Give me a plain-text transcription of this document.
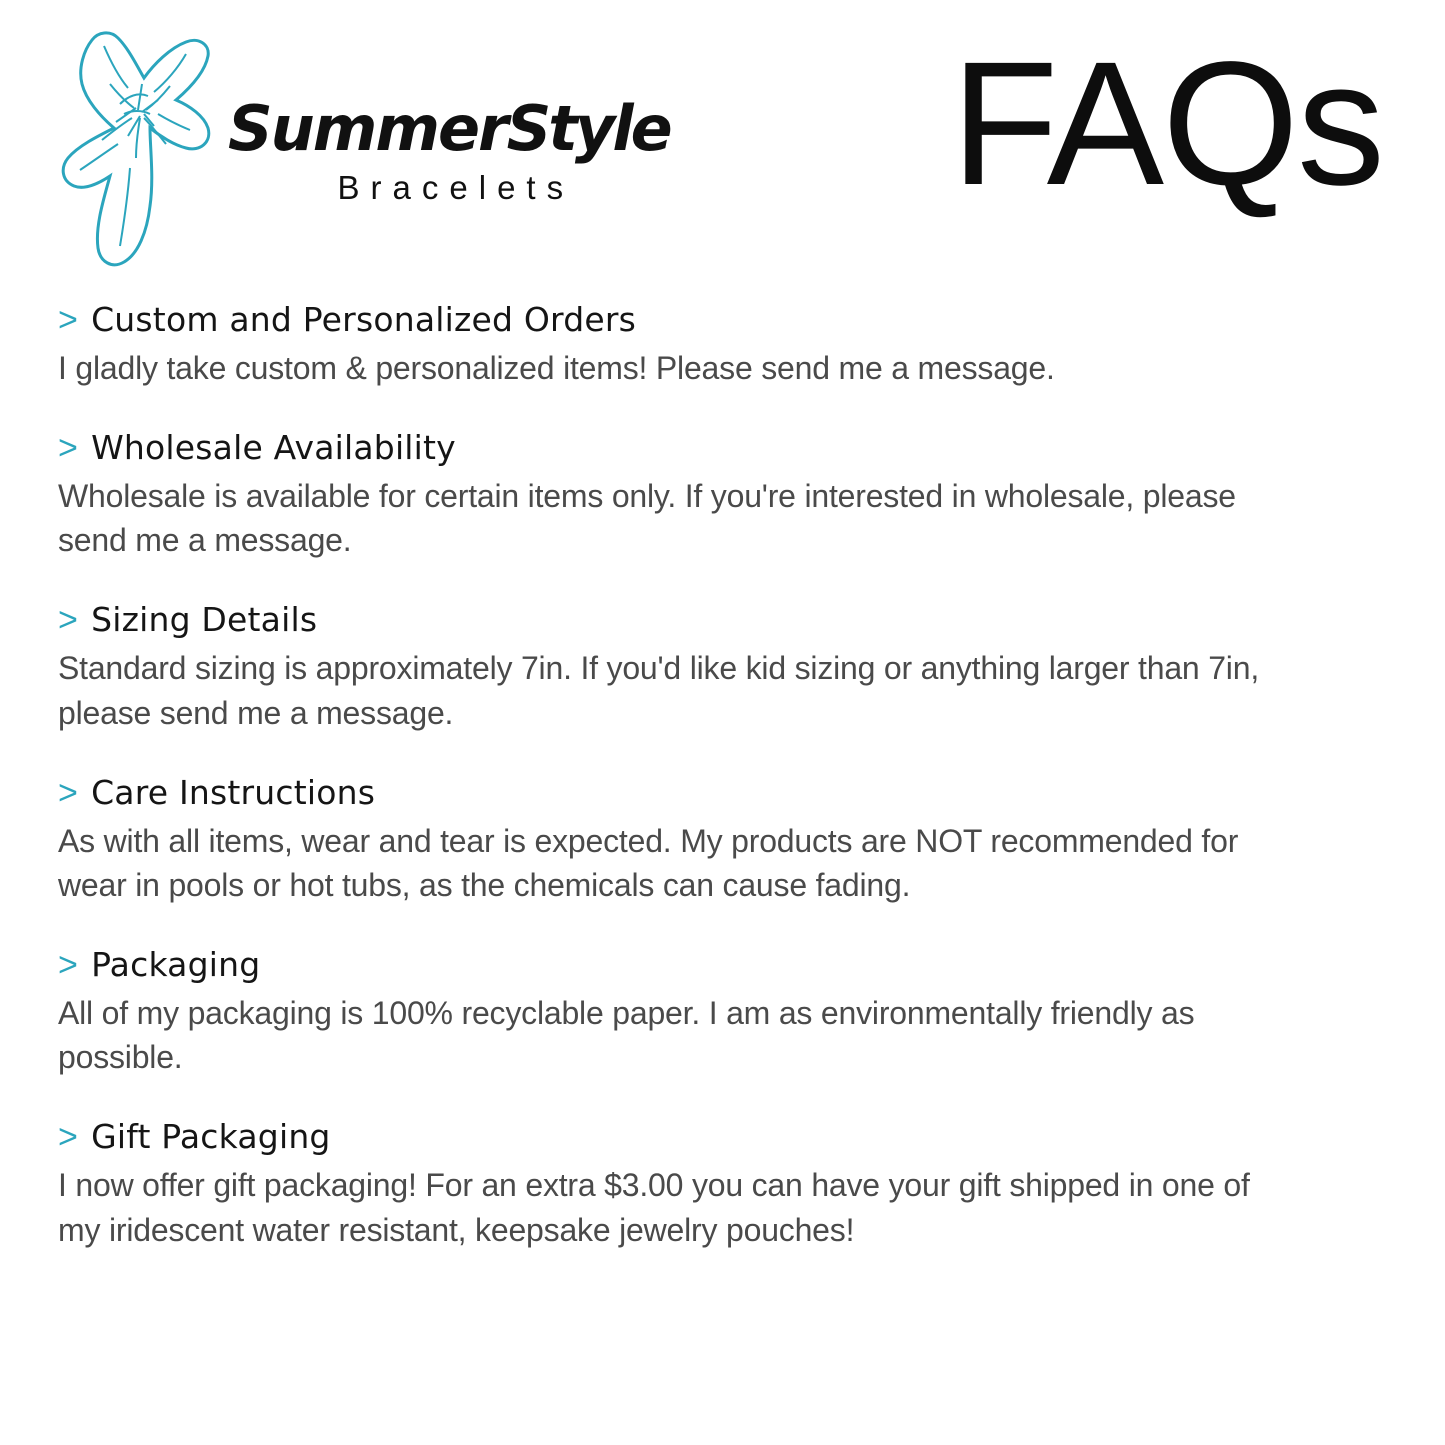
SummerStyle
Bracelets	FAQs
> Custom and Personalized Orders
I gladly take custom & personalized items! Please send me a message.
> Wholesale Availability
Wholesale is available for certain items only. If you're interested in wholesale, please send me a message.
> Sizing Details
Standard sizing is approximately 7in. If you'd like kid sizing or anything larger than 7in, please send me a message.
> Care Instructions
As with all items, wear and tear is expected. My products are NOT recommended for wear in pools or hot tubs, as the chemicals can cause fading.
> Packaging
All of my packaging is 100% recyclable paper. I am as environmentally friendly as possible.
> Gift Packaging
I now offer gift packaging! For an extra $3.00 you can have your gift shipped in one of my iridescent water resistant, keepsake jewelry pouches!
